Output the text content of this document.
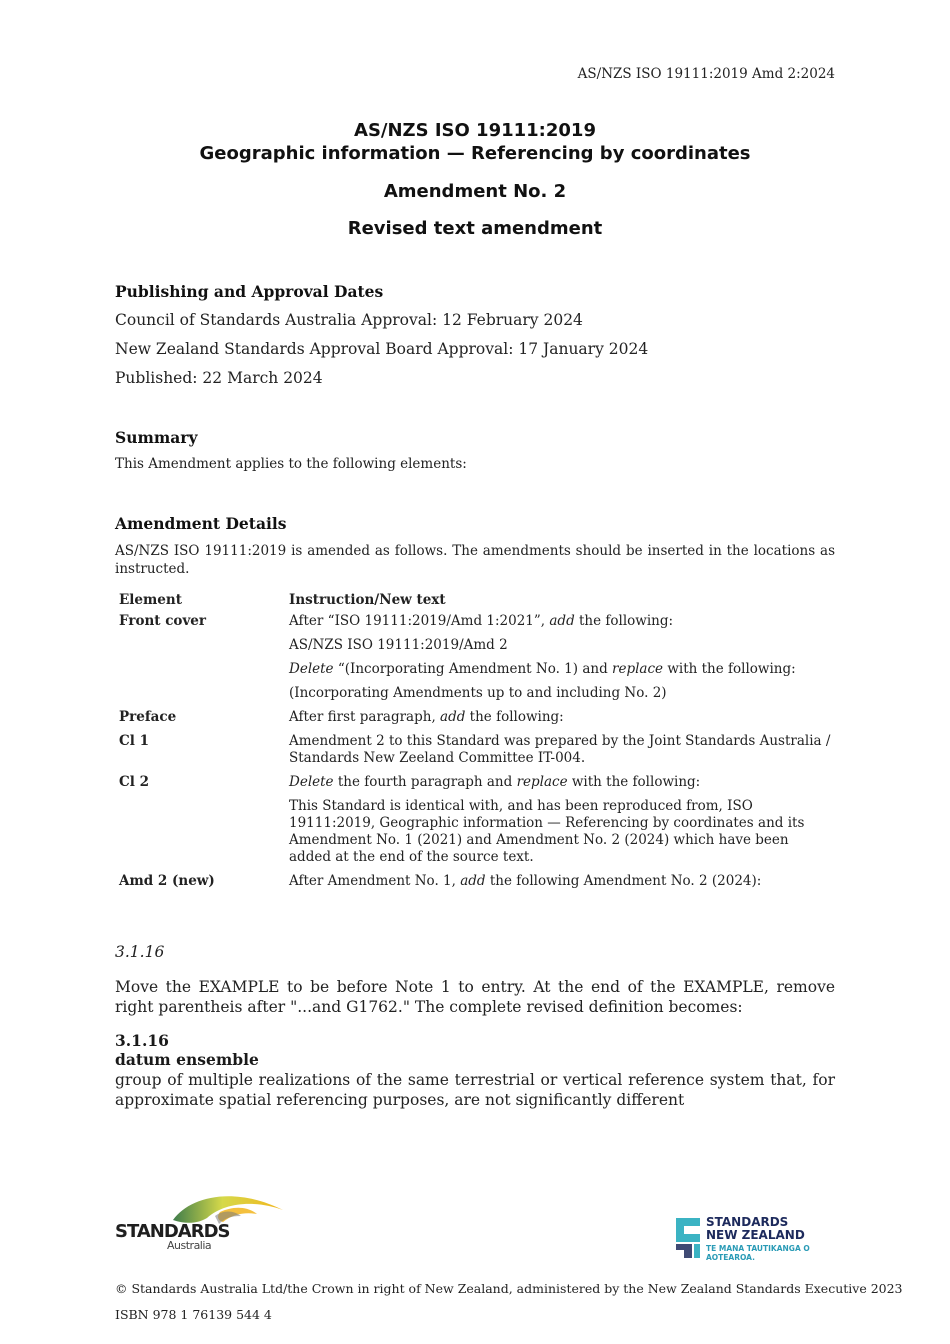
AS/NZS ISO 19111:2019 Amd 2:2024
AS/NZS ISO 19111:2019
Geographic information — Referencing by coordinates
Amendment No. 2
Revised text amendment
Publishing and Approval Dates
Council of Standards Australia Approval: 12 February 2024
New Zealand Standards Approval Board Approval: 17 January 2024
Published: 22 March 2024
Summary
This Amendment applies to the following elements:
Amendment Details
AS/NZS ISO 19111:2019 is amended as follows. The amendments should be inserted in the locations as instructed.
Element	Instruction/New text
Front cover	After “ISO 19111:2019/Amd 1:2021”, add the following:
	AS/NZS ISO 19111:2019/Amd 2
	Delete “(Incorporating Amendment No. 1) and replace with the following:
	(Incorporating Amendments up to and including No. 2)
Preface	After first paragraph, add the following:
Cl 1	Amendment 2 to this Standard was prepared by the Joint Standards Australia / Standards New Zeeland Committee IT-004.
Cl 2	Delete the fourth paragraph and replace with the following:
	This Standard is identical with, and has been reproduced from, ISO 19111:2019, Geographic information — Referencing by coordinates and its Amendment No. 1 (2021) and Amendment No. 2 (2024) which have been added at the end of the source text.
Amd 2 (new)	After Amendment No. 1, add the following Amendment No. 2 (2024):
3.1.16
Move the EXAMPLE to be before Note 1 to entry. At the end of the EXAMPLE, remove right parentheis after "...and G1762." The complete revised definition becomes:
3.1.16
datum ensemble
group of multiple realizations of the same terrestrial or vertical reference system that, for approximate spatial referencing purposes, are not significantly different
STANDARDS
Australia
STANDARDS
NEW ZEALAND
TE MANA TAUTIKANGA O AOTEAROA.
© Standards Australia Ltd/the Crown in right of New Zealand, administered by the New Zealand Standards Executive 2023
ISBN 978 1 76139 544 4
